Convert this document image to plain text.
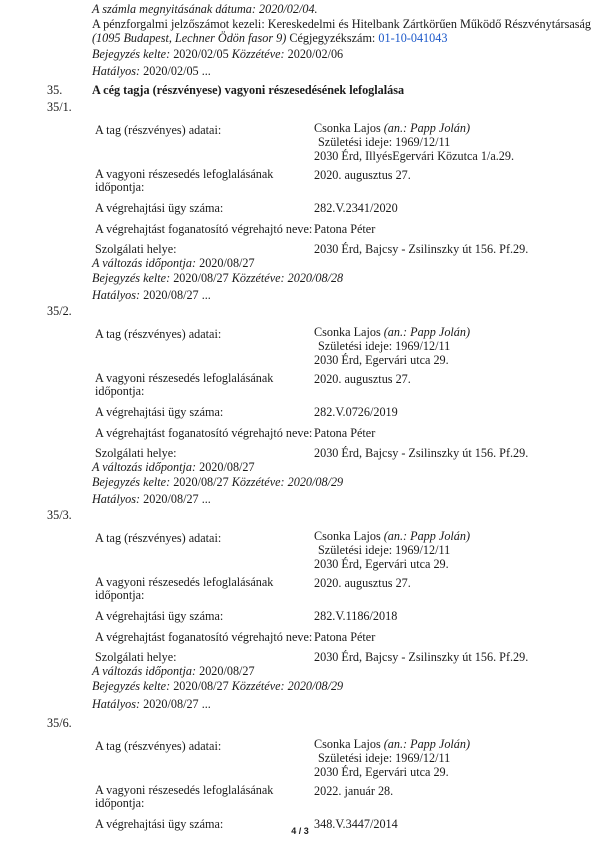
A számla megnyitásának dátuma: 2020/02/04.
A pénzforgalmi jelzőszámot kezeli: Kereskedelmi és Hitelbank Zártkörűen Működő Részvénytársaság
(1095 Budapest, Lechner Ödön fasor 9) Cégjegyzékszám: 01-10-041043
Bejegyzés kelte: 2020/02/05 Közzétéve: 2020/02/06
Hatályos: 2020/02/05 ...
35. A cég tagja (részvényese) vagyoni részesedésének lefoglalása
35/1.
A tag (részvényes) adatai:	Csonka Lajos (an.: Papp Jolán)
Születési ideje: 1969/12/11
2030 Érd, IllyésEgervári Közutca 1/a.29.
A vagyoni részesedés lefoglalásának
időpontja:
2020. augusztus 27.
A végrehajtási ügy száma:	282.V.2341/2020
A végrehajtást foganatosító végrehajtó neve: Patona Péter
Szolgálati helye:	2030 Érd, Bajcsy - Zsilinszky út 156. Pf.29.
A változás időpontja: 2020/08/27
Bejegyzés kelte: 2020/08/27 Közzétéve: 2020/08/28
Hatályos: 2020/08/27 ...
35/2.
A tag (részvényes) adatai:	Csonka Lajos (an.: Papp Jolán)
Születési ideje: 1969/12/11
2030 Érd, Egervári utca 29.
A vagyoni részesedés lefoglalásának
időpontja:
2020. augusztus 27.
A végrehajtási ügy száma:	282.V.0726/2019
A végrehajtást foganatosító végrehajtó neve: Patona Péter
Szolgálati helye:	2030 Érd, Bajcsy - Zsilinszky út 156. Pf.29.
A változás időpontja: 2020/08/27
Bejegyzés kelte: 2020/08/27 Közzétéve: 2020/08/29
Hatályos: 2020/08/27 ...
35/3.
A tag (részvényes) adatai:	Csonka Lajos (an.: Papp Jolán)
Születési ideje: 1969/12/11
2030 Érd, Egervári utca 29.
A vagyoni részesedés lefoglalásának
időpontja:
2020. augusztus 27.
A végrehajtási ügy száma:	282.V.1186/2018
A végrehajtást foganatosító végrehajtó neve: Patona Péter
Szolgálati helye:	2030 Érd, Bajcsy - Zsilinszky út 156. Pf.29.
A változás időpontja: 2020/08/27
Bejegyzés kelte: 2020/08/27 Közzétéve: 2020/08/29
Hatályos: 2020/08/27 ...
35/6.
A tag (részvényes) adatai:	Csonka Lajos (an.: Papp Jolán)
Születési ideje: 1969/12/11
2030 Érd, Egervári utca 29.
A vagyoni részesedés lefoglalásának
időpontja:
2022. január 28.
A végrehajtási ügy száma:	348.V.3447/2014
4 / 3
